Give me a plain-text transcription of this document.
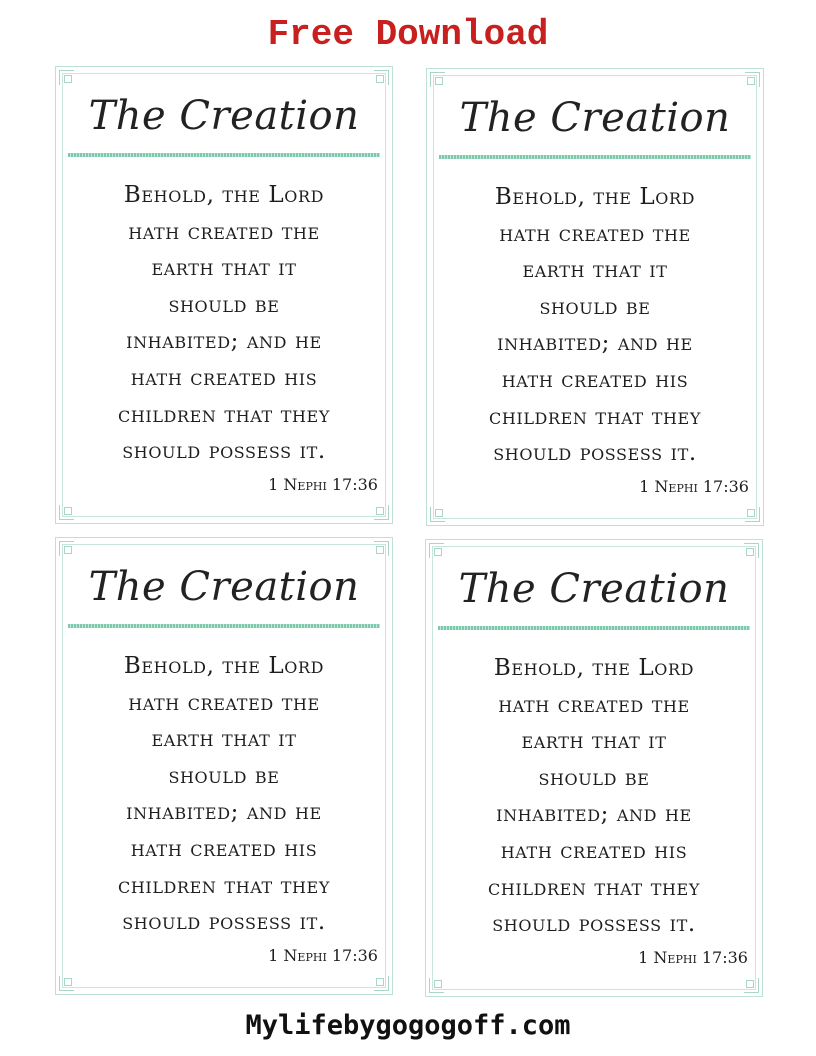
Free Download
The Creation
Behold, the Lord
hath created the
earth that it
should be
inhabited; and he
hath created his
children that they
should possess it.
1 Nephi 17:36
The Creation
Behold, the Lord
hath created the
earth that it
should be
inhabited; and he
hath created his
children that they
should possess it.
1 Nephi 17:36
The Creation
Behold, the Lord
hath created the
earth that it
should be
inhabited; and he
hath created his
children that they
should possess it.
1 Nephi 17:36
The Creation
Behold, the Lord
hath created the
earth that it
should be
inhabited; and he
hath created his
children that they
should possess it.
1 Nephi 17:36
Mylifebygogogoff.com
